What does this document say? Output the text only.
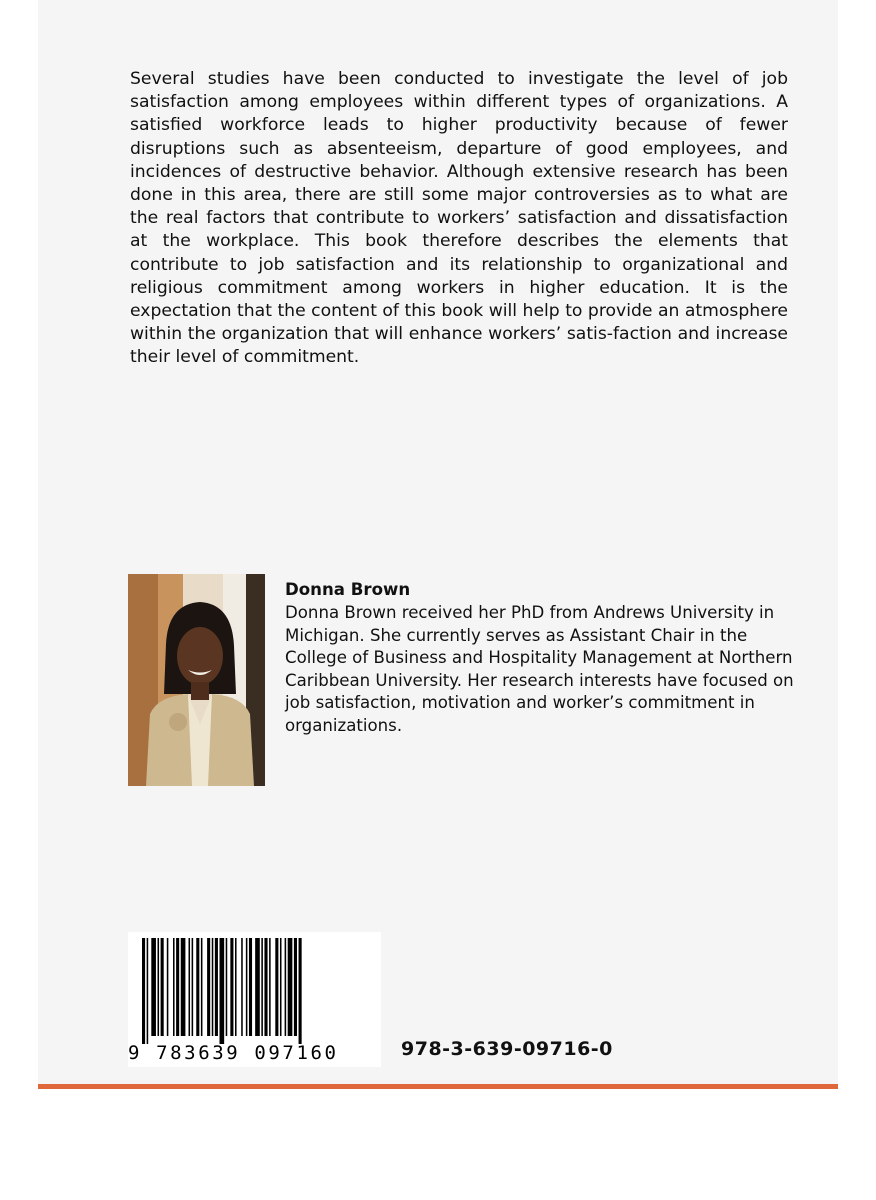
Several studies have been conducted to investigate the level of job satisfaction among employees within different types of organizations. A satisfied workforce leads to higher productivity because of fewer disruptions such as absenteeism, departure of good employees, and incidences of destructive behavior. Although extensive research has been done in this area, there are still some major controversies as to what are the real factors that contribute to workers’ satisfaction and dissatisfaction at the workplace. This book therefore describes the elements that contribute to job satisfaction and its relationship to organizational and religious commitment among workers in higher education. It is the expectation that the content of this book will help to provide an atmosphere within the organization that will enhance workers’ satis-faction and increase their level of commitment.

Donna Brown

Donna Brown received her PhD from Andrews University in Michigan. She currently serves as Assistant Chair in the College of Business and Hospitality Management at Northern Caribbean University. Her research interests have focused on job satisfaction, motivation and worker’s commitment in organizations.

9 783639 097160	978-3-639-09716-0
